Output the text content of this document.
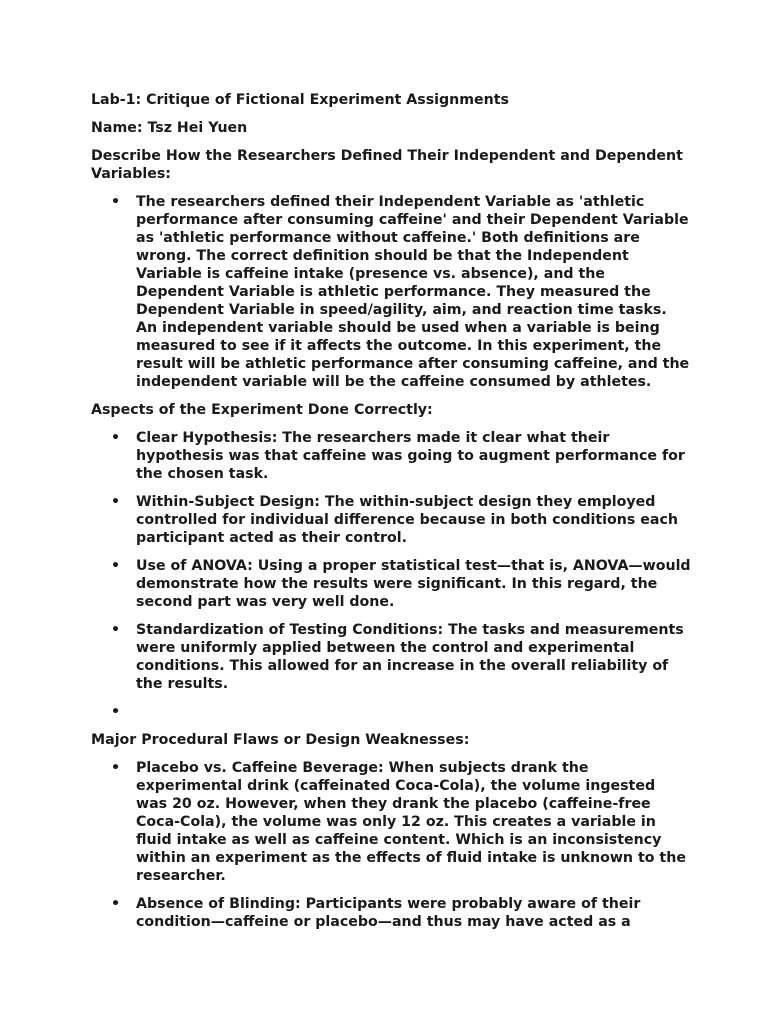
Lab-1: Critique of Fictional Experiment Assignments

Name: Tsz Hei Yuen

Describe How the Researchers Defined Their Independent and Dependent Variables:

• The researchers defined their Independent Variable as 'athletic performance after consuming caffeine' and their Dependent Variable as 'athletic performance without caffeine.' Both definitions are wrong. The correct definition should be that the Independent Variable is caffeine intake (presence vs. absence), and the Dependent Variable is athletic performance. They measured the Dependent Variable in speed/agility, aim, and reaction time tasks. An independent variable should be used when a variable is being measured to see if it affects the outcome. In this experiment, the result will be athletic performance after consuming caffeine, and the independent variable will be the caffeine consumed by athletes.

Aspects of the Experiment Done Correctly:

• Clear Hypothesis: The researchers made it clear what their hypothesis was that caffeine was going to augment performance for the chosen task.
• Within-Subject Design: The within-subject design they employed controlled for individual difference because in both conditions each participant acted as their control.
• Use of ANOVA: Using a proper statistical test—that is, ANOVA—would demonstrate how the results were significant. In this regard, the second part was very well done.
• Standardization of Testing Conditions: The tasks and measurements were uniformly applied between the control and experimental conditions. This allowed for an increase in the overall reliability of the results.
•

Major Procedural Flaws or Design Weaknesses:

• Placebo vs. Caffeine Beverage: When subjects drank the experimental drink (caffeinated Coca-Cola), the volume ingested was 20 oz. However, when they drank the placebo (caffeine-free Coca-Cola), the volume was only 12 oz. This creates a variable in fluid intake as well as caffeine content. Which is an inconsistency within an experiment as the effects of fluid intake is unknown to the researcher.
• Absence of Blinding: Participants were probably aware of their condition—caffeine or placebo—and thus may have acted as a
